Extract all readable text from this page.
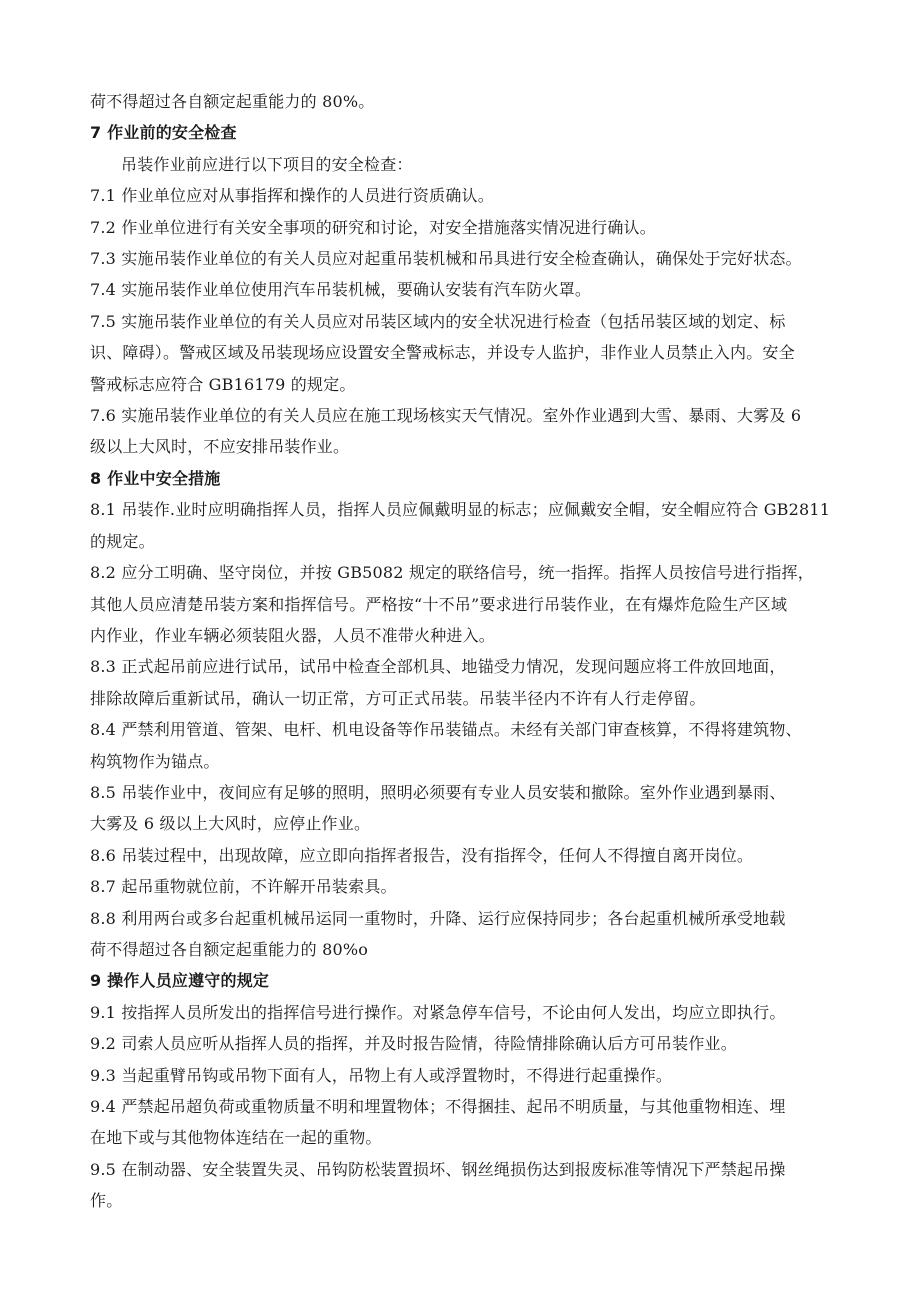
荷不得超过各自额定起重能力的 80%。

7 作业前的安全检查

吊装作业前应进行以下项目的安全检查：

7.1 作业单位应对从事指挥和操作的人员进行资质确认。

7.2 作业单位进行有关安全事项的研究和讨论，对安全措施落实情况进行确认。

7.3 实施吊装作业单位的有关人员应对起重吊装机械和吊具进行安全检查确认，确保处于完好状态。

7.4 实施吊装作业单位使用汽车吊装机械，要确认安装有汽车防火罩。

7.5 实施吊装作业单位的有关人员应对吊装区域内的安全状况进行检查（包括吊装区域的划定、标

识、障碍）。警戒区域及吊装现场应设置安全警戒标志，并设专人监护，非作业人员禁止入内。安全

警戒标志应符合 GB16179 的规定。

7.6 实施吊装作业单位的有关人员应在施工现场核实天气情况。室外作业遇到大雪、暴雨、大雾及 6

级以上大风时，不应安排吊装作业。

8 作业中安全措施

8.1 吊装作.业时应明确指挥人员，指挥人员应佩戴明显的标志；应佩戴安全帽，安全帽应符合 GB2811

的规定。

8.2 应分工明确、坚守岗位，并按 GB5082 规定的联络信号，统一指挥。指挥人员按信号进行指挥，

其他人员应清楚吊装方案和指挥信号。严格按“十不吊”要求进行吊装作业，在有爆炸危险生产区域

内作业，作业车辆必须装阻火器，人员不准带火种进入。

8.3 正式起吊前应进行试吊，试吊中检查全部机具、地锚受力情况，发现问题应将工件放回地面，

排除故障后重新试吊，确认一切正常，方可正式吊装。吊装半径内不许有人行走停留。

8.4 严禁利用管道、管架、电杆、机电设备等作吊装锚点。未经有关部门审查核算，不得将建筑物、

构筑物作为锚点。

8.5 吊装作业中，夜间应有足够的照明，照明必须要有专业人员安装和撤除。室外作业遇到暴雨、

大雾及 6 级以上大风时，应停止作业。

8.6 吊装过程中，出现故障，应立即向指挥者报告，没有指挥令，任何人不得擅自离开岗位。

8.7 起吊重物就位前，不许解开吊装索具。

8.8 利用两台或多台起重机械吊运同一重物时，升降、运行应保持同步；各台起重机械所承受地载

荷不得超过各自额定起重能力的 80%o

9 操作人员应遵守的规定

9.1 按指挥人员所发出的指挥信号进行操作。对紧急停车信号，不论由何人发出，均应立即执行。

9.2 司索人员应听从指挥人员的指挥，并及时报告险情，待险情排除确认后方可吊装作业。

9.3 当起重臂吊钩或吊物下面有人，吊物上有人或浮置物时，不得进行起重操作。

9.4 严禁起吊超负荷或重物质量不明和埋置物体；不得捆挂、起吊不明质量，与其他重物相连、埋

在地下或与其他物体连结在一起的重物。

9.5 在制动器、安全装置失灵、吊钩防松装置损坏、钢丝绳损伤达到报废标准等情况下严禁起吊操

作。
